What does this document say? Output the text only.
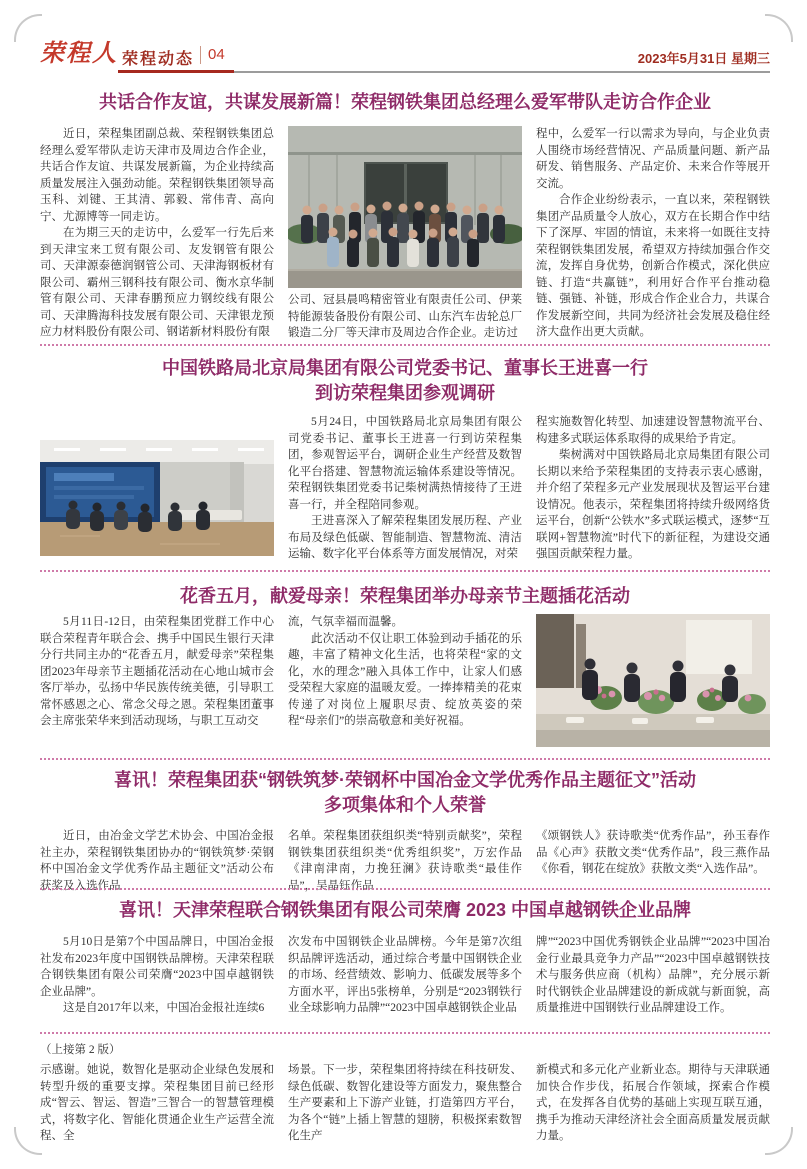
荣程人 荣程动态 04	2023年5月31日 星期三
共话合作友谊，共谋发展新篇！荣程钢铁集团总经理么爱军带队走访合作企业

近日，荣程集团副总裁、荣程钢铁集团总经理么爱军带队走访天津市及周边合作企业，共话合作友谊、共谋发展新篇，为企业持续高质量发展注入强劲动能。荣程钢铁集团领导高玉科、刘键、王其清、郭毅、常伟青、高向宁、尤源博等一同走访。

在为期三天的走访中，么爱军一行先后来到天津宝来工贸有限公司、友发钢管有限公司、天津源泰德润钢管公司、天津海钢板材有限公司、霸州三钢科技有限公司、衡水京华制管有限公司、天津春鹏预应力钢绞线有限公司、天津腾海科技发展有限公司、天津银龙预应力材料股份有限公司、钢诺新材料股份有限

公司、冠县晨鸣精密管业有限责任公司、伊莱特能源装备股份有限公司、山东汽车齿轮总厂锻造二分厂等天津市及周边合作企业。走访过

程中，么爱军一行以需求为导向，与企业负责人围绕市场经营情况、产品质量问题、新产品研发、销售服务、产品定价、未来合作等展开交流。

合作企业纷纷表示，一直以来，荣程钢铁集团产品质量令人放心，双方在长期合作中结下了深厚、牢固的情谊，未来将一如既往支持荣程钢铁集团发展，希望双方持续加强合作交流，发挥自身优势，创新合作模式，深化供应链、打造“共赢链”，利用好合作平台推动稳链、强链、补链，形成合作企业合力，共谋合作发展新空间，共同为经济社会发展及稳住经济大盘作出更大贡献。

中国铁路局北京局集团有限公司党委书记、董事长王进喜一行
到访荣程集团参观调研

5月24日，中国铁路局北京局集团有限公司党委书记、董事长王进喜一行到访荣程集团，参观智运平台，调研企业生产经营及数智化平台搭建、智慧物流运输体系建设等情况。荣程钢铁集团党委书记柴树满热情接待了王进喜一行，并全程陪同参观。

王进喜深入了解荣程集团发展历程、产业布局及绿色低碳、智能制造、智慧物流、清洁运输、数字化平台体系等方面发展情况，对荣

程实施数智化转型、加速建设智慧物流平台、构建多式联运体系取得的成果给予肯定。

柴树满对中国铁路局北京局集团有限公司长期以来给予荣程集团的支持表示衷心感谢，并介绍了荣程多元产业发展现状及智运平台建设情况。他表示，荣程集团将持续升级网络货运平台，创新“公铁水”多式联运模式，逐梦“互联网+智慧物流”时代下的新征程，为建设交通强国贡献荣程力量。

花香五月，献爱母亲！荣程集团举办母亲节主题插花活动

5月11日-12日，由荣程集团党群工作中心联合荣程青年联合会、携手中国民生银行天津分行共同主办的“花香五月，献爱母亲”荣程集团2023年母亲节主题插花活动在心地山城市会客厅举办，弘扬中华民族传统美德，引导职工常怀感恩之心、常念父母之恩。荣程集团董事会主席张荣华来到活动现场，与职工互动交

流，气氛幸福而温馨。

此次活动不仅让职工体验到动手插花的乐趣，丰富了精神文化生活，也将荣程“家的文化，水的理念”融入具体工作中，让家人们感受荣程大家庭的温暖友爱。一捧捧精美的花束传递了对岗位上履职尽责、绽放英姿的荣程“母亲们”的崇高敬意和美好祝福。

喜讯！荣程集团获“钢铁筑梦·荣钢杯中国冶金文学优秀作品主题征文”活动
多项集体和个人荣誉

近日，由冶金文学艺术协会、中国冶金报社主办，荣程钢铁集团协办的“钢铁筑梦·荣钢杯中国冶金文学优秀作品主题征文”活动公布获奖及入选作品

名单。荣程集团获组织类“特别贡献奖”，荣程钢铁集团获组织类“优秀组织奖”，万宏作品《津南津南，力挽狂澜》获诗歌类“最佳作品”，吴晶钰作品

《颂钢铁人》获诗歌类“优秀作品”，孙玉春作品《心声》获散文类“优秀作品”，段三燕作品《你看，钢花在绽放》获散文类“入选作品”。

喜讯！天津荣程联合钢铁集团有限公司荣膺 2023 中国卓越钢铁企业品牌

5月10日是第7个中国品牌日，中国冶金报社发布2023年度中国钢铁品牌榜。天津荣程联合钢铁集团有限公司荣膺“2023中国卓越钢铁企业品牌”。

这是自2017年以来，中国冶金报社连续6

次发布中国钢铁企业品牌榜。今年是第7次组织品牌评选活动，通过综合考量中国钢铁企业的市场、经营绩效、影响力、低碳发展等多个方面水平，评出5张榜单，分别是“2023钢铁行业全球影响力品牌”“2023中国卓越钢铁企业品

牌”“2023中国优秀钢铁企业品牌”“2023中国冶金行业最具竞争力产品”“2023中国卓越钢铁技术与服务供应商（机构）品牌”，充分展示新时代钢铁企业品牌建设的新成就与新面貌，高质量推进中国钢铁行业品牌建设工作。

（上接第 2 版）

示感谢。她说，数智化是驱动企业绿色发展和转型升级的重要支撑。荣程集团目前已经形成“智云、智运、智造”三智合一的智慧管理模式，将数字化、智能化贯通企业生产运营全流程、全

场景。下一步，荣程集团将持续在科技研发、绿色低碳、数智化建设等方面发力，聚焦整合生产要素和上下游产业链，打造第四方平台，为各个“链”上插上智慧的翅膀，积极探索数智化生产

新模式和多元化产业新业态。期待与天津联通加快合作步伐，拓展合作领域，探索合作模式，在发挥各自优势的基础上实现互联互通，携手为推动天津经济社会全面高质量发展贡献力量。
